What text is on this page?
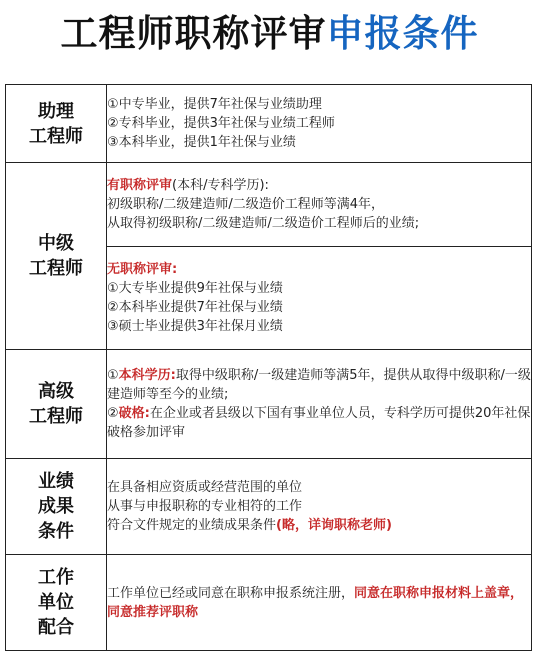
工程师职称评审申报条件
助理
工程师	①中专毕业，提供7年社保与业绩助理
②专科毕业，提供3年社保与业绩工程师
③本科毕业，提供1年社保与业绩

中级
工程师	有职称评审(本科/专科学历):
初级职称/二级建造师/二级造价工程师等满4年，
从取得初级职称/二级建造师/二级造价工程师后的业绩;

	无职称评审:
①大专毕业提供9年社保与业绩
②本科毕业提供7年社保与业绩
③硕士毕业提供3年社保月业绩

高级
工程师	①本科学历:取得中级职称/一级建造师等满5年，提供从取得中级职称/一级建造师等至今的业绩;
②破格:在企业或者县级以下国有事业单位人员，专科学历可提供20年社保破格参加评审

业绩
成果
条件	在具备相应资质或经营范围的单位
从事与申报职称的专业相符的工作
符合文件规定的业绩成果条件(略，详询职称老师)

工作
单位
配合	工作单位已经或同意在职称申报系统注册，同意在职称申报材料上盖章，同意推荐评职称
